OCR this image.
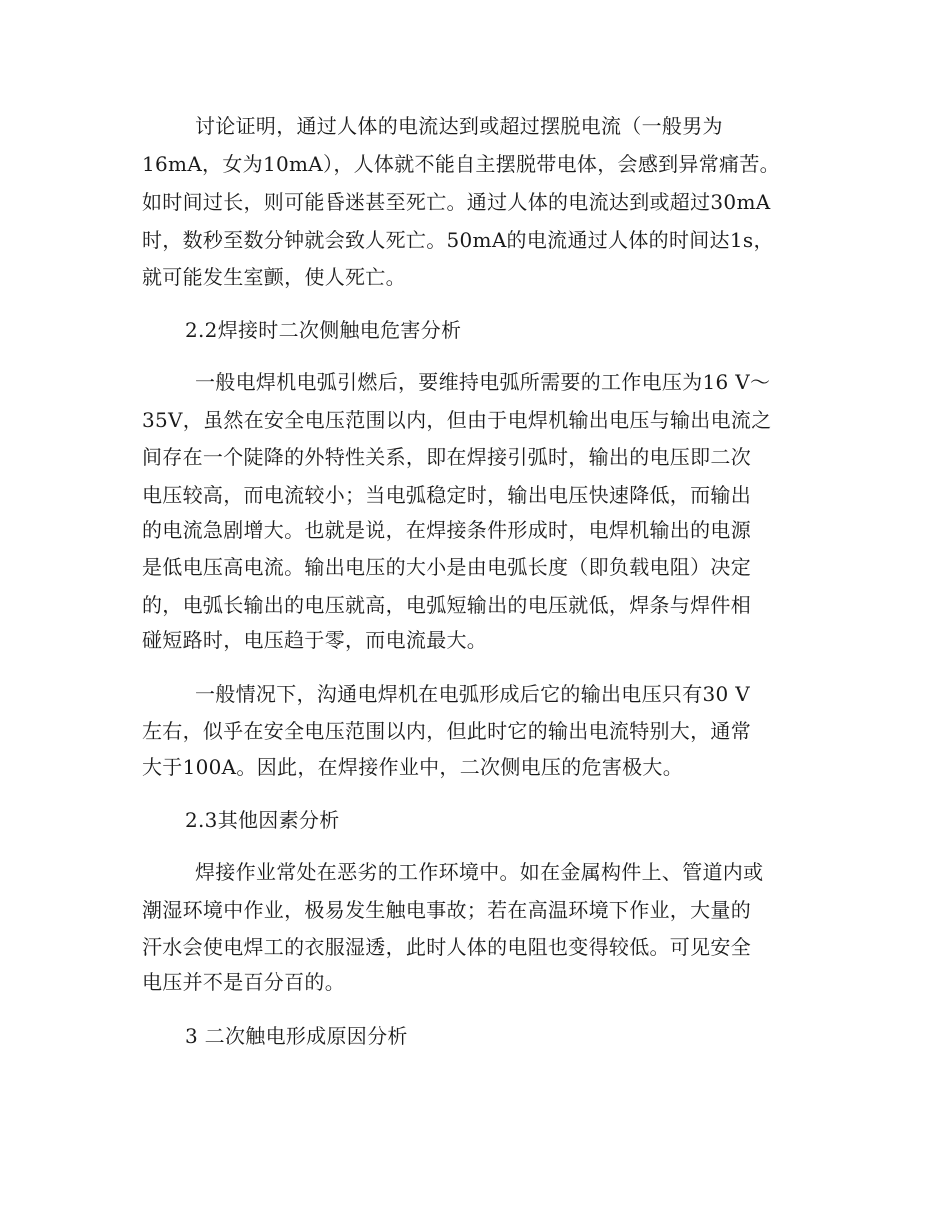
讨论证明，通过人体的电流达到或超过摆脱电流（一般男为
16mA，女为10mA），人体就不能自主摆脱带电体，会感到异常痛苦。
如时间过长，则可能昏迷甚至死亡。通过人体的电流达到或超过30mA
时，数秒至数分钟就会致人死亡。50mA的电流通过人体的时间达1s，
就可能发生室颤，使人死亡。
2.2焊接时二次侧触电危害分析
一般电焊机电弧引燃后，要维持电弧所需要的工作电压为16 V～
35V，虽然在安全电压范围以内，但由于电焊机输出电压与输出电流之
间存在一个陡降的外特性关系，即在焊接引弧时，输出的电压即二次
电压较高，而电流较小；当电弧稳定时，输出电压快速降低，而输出
的电流急剧增大。也就是说，在焊接条件形成时，电焊机输出的电源
是低电压高电流。输出电压的大小是由电弧长度（即负载电阻）决定
的，电弧长输出的电压就高，电弧短输出的电压就低，焊条与焊件相
碰短路时，电压趋于零，而电流最大。
一般情况下，沟通电焊机在电弧形成后它的输出电压只有30 V
左右，似乎在安全电压范围以内，但此时它的输出电流特别大，通常
大于100A。因此，在焊接作业中，二次侧电压的危害极大。
2.3其他因素分析
焊接作业常处在恶劣的工作环境中。如在金属构件上、管道内或
潮湿环境中作业，极易发生触电事故；若在高温环境下作业，大量的
汗水会使电焊工的衣服湿透，此时人体的电阻也变得较低。可见安全
电压并不是百分百的。
3 二次触电形成原因分析
